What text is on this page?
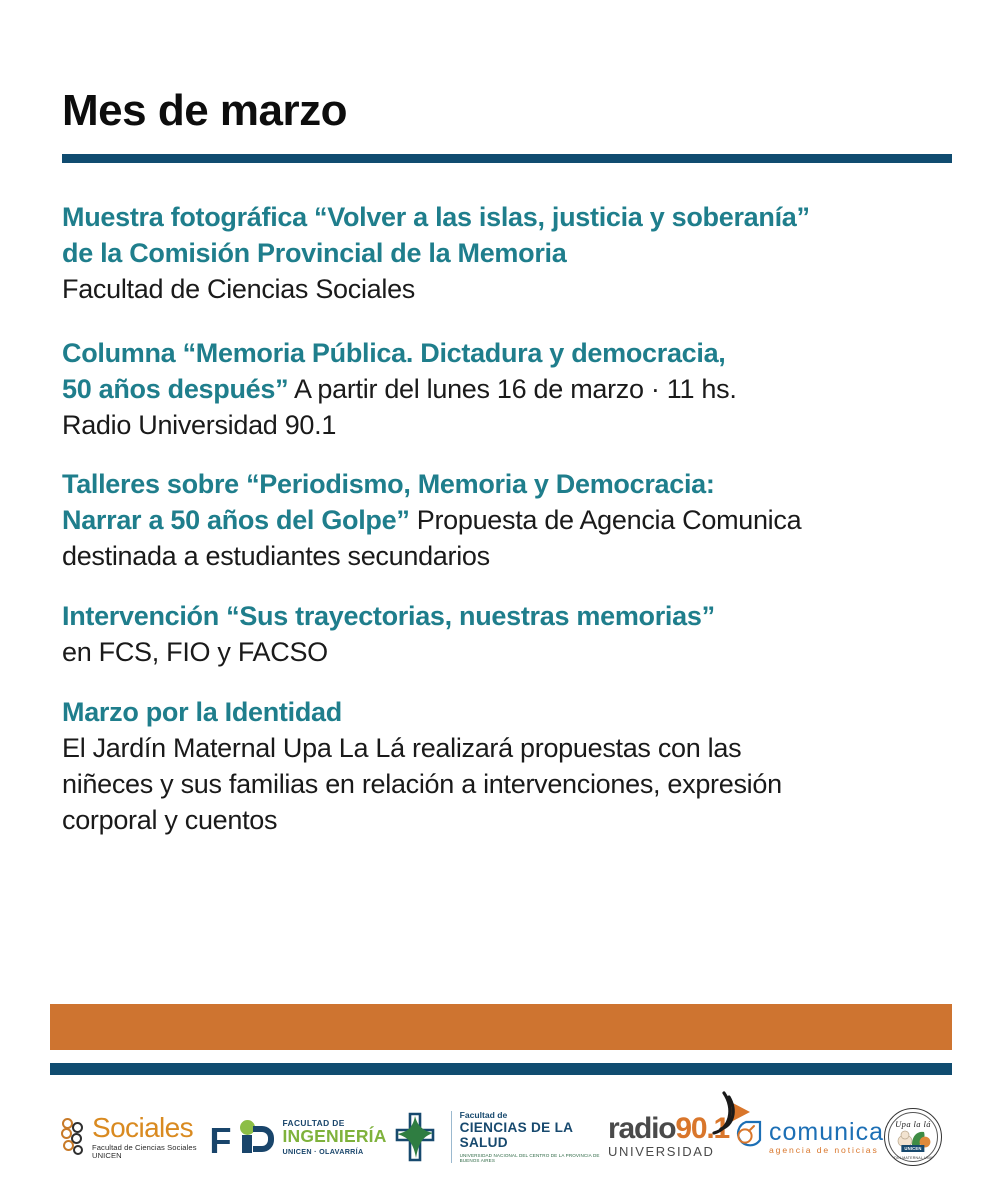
Mes de marzo

Muestra fotográfica “Volver a las islas, justicia y soberanía”
de la Comisión Provincial de la Memoria
Facultad de Ciencias Sociales

Columna “Memoria Pública. Dictadura y democracia,
50 años después” A partir del lunes 16 de marzo · 11 hs.
Radio Universidad 90.1

Talleres sobre “Periodismo, Memoria y Democracia:
Narrar a 50 años del Golpe” Propuesta de Agencia Comunica
destinada a estudiantes secundarios

Intervención “Sus trayectorias, nuestras memorias”
en FCS, FIO y FACSO

Marzo por la Identidad
El Jardín Maternal Upa La Lá realizará propuestas con las
niñeces y sus familias en relación a intervenciones, expresión
corporal y cuentos

Sociales
Facultad de Ciencias Sociales UNICEN	F	FACULTAD DE
INGENIERÍA
UNICEN · OLAVARRÍA
Facultad de
CIENCIAS DE LA SALUD
UNIVERSIDAD NACIONAL DEL CENTRO DE LA PROVINCIA DE BUENOS AIRES
radio 90.1
UNIVERSIDAD
comunica
agencia de noticias
Upa la lá
UNICEN
JARDÍN MATERNAL UNICEN
